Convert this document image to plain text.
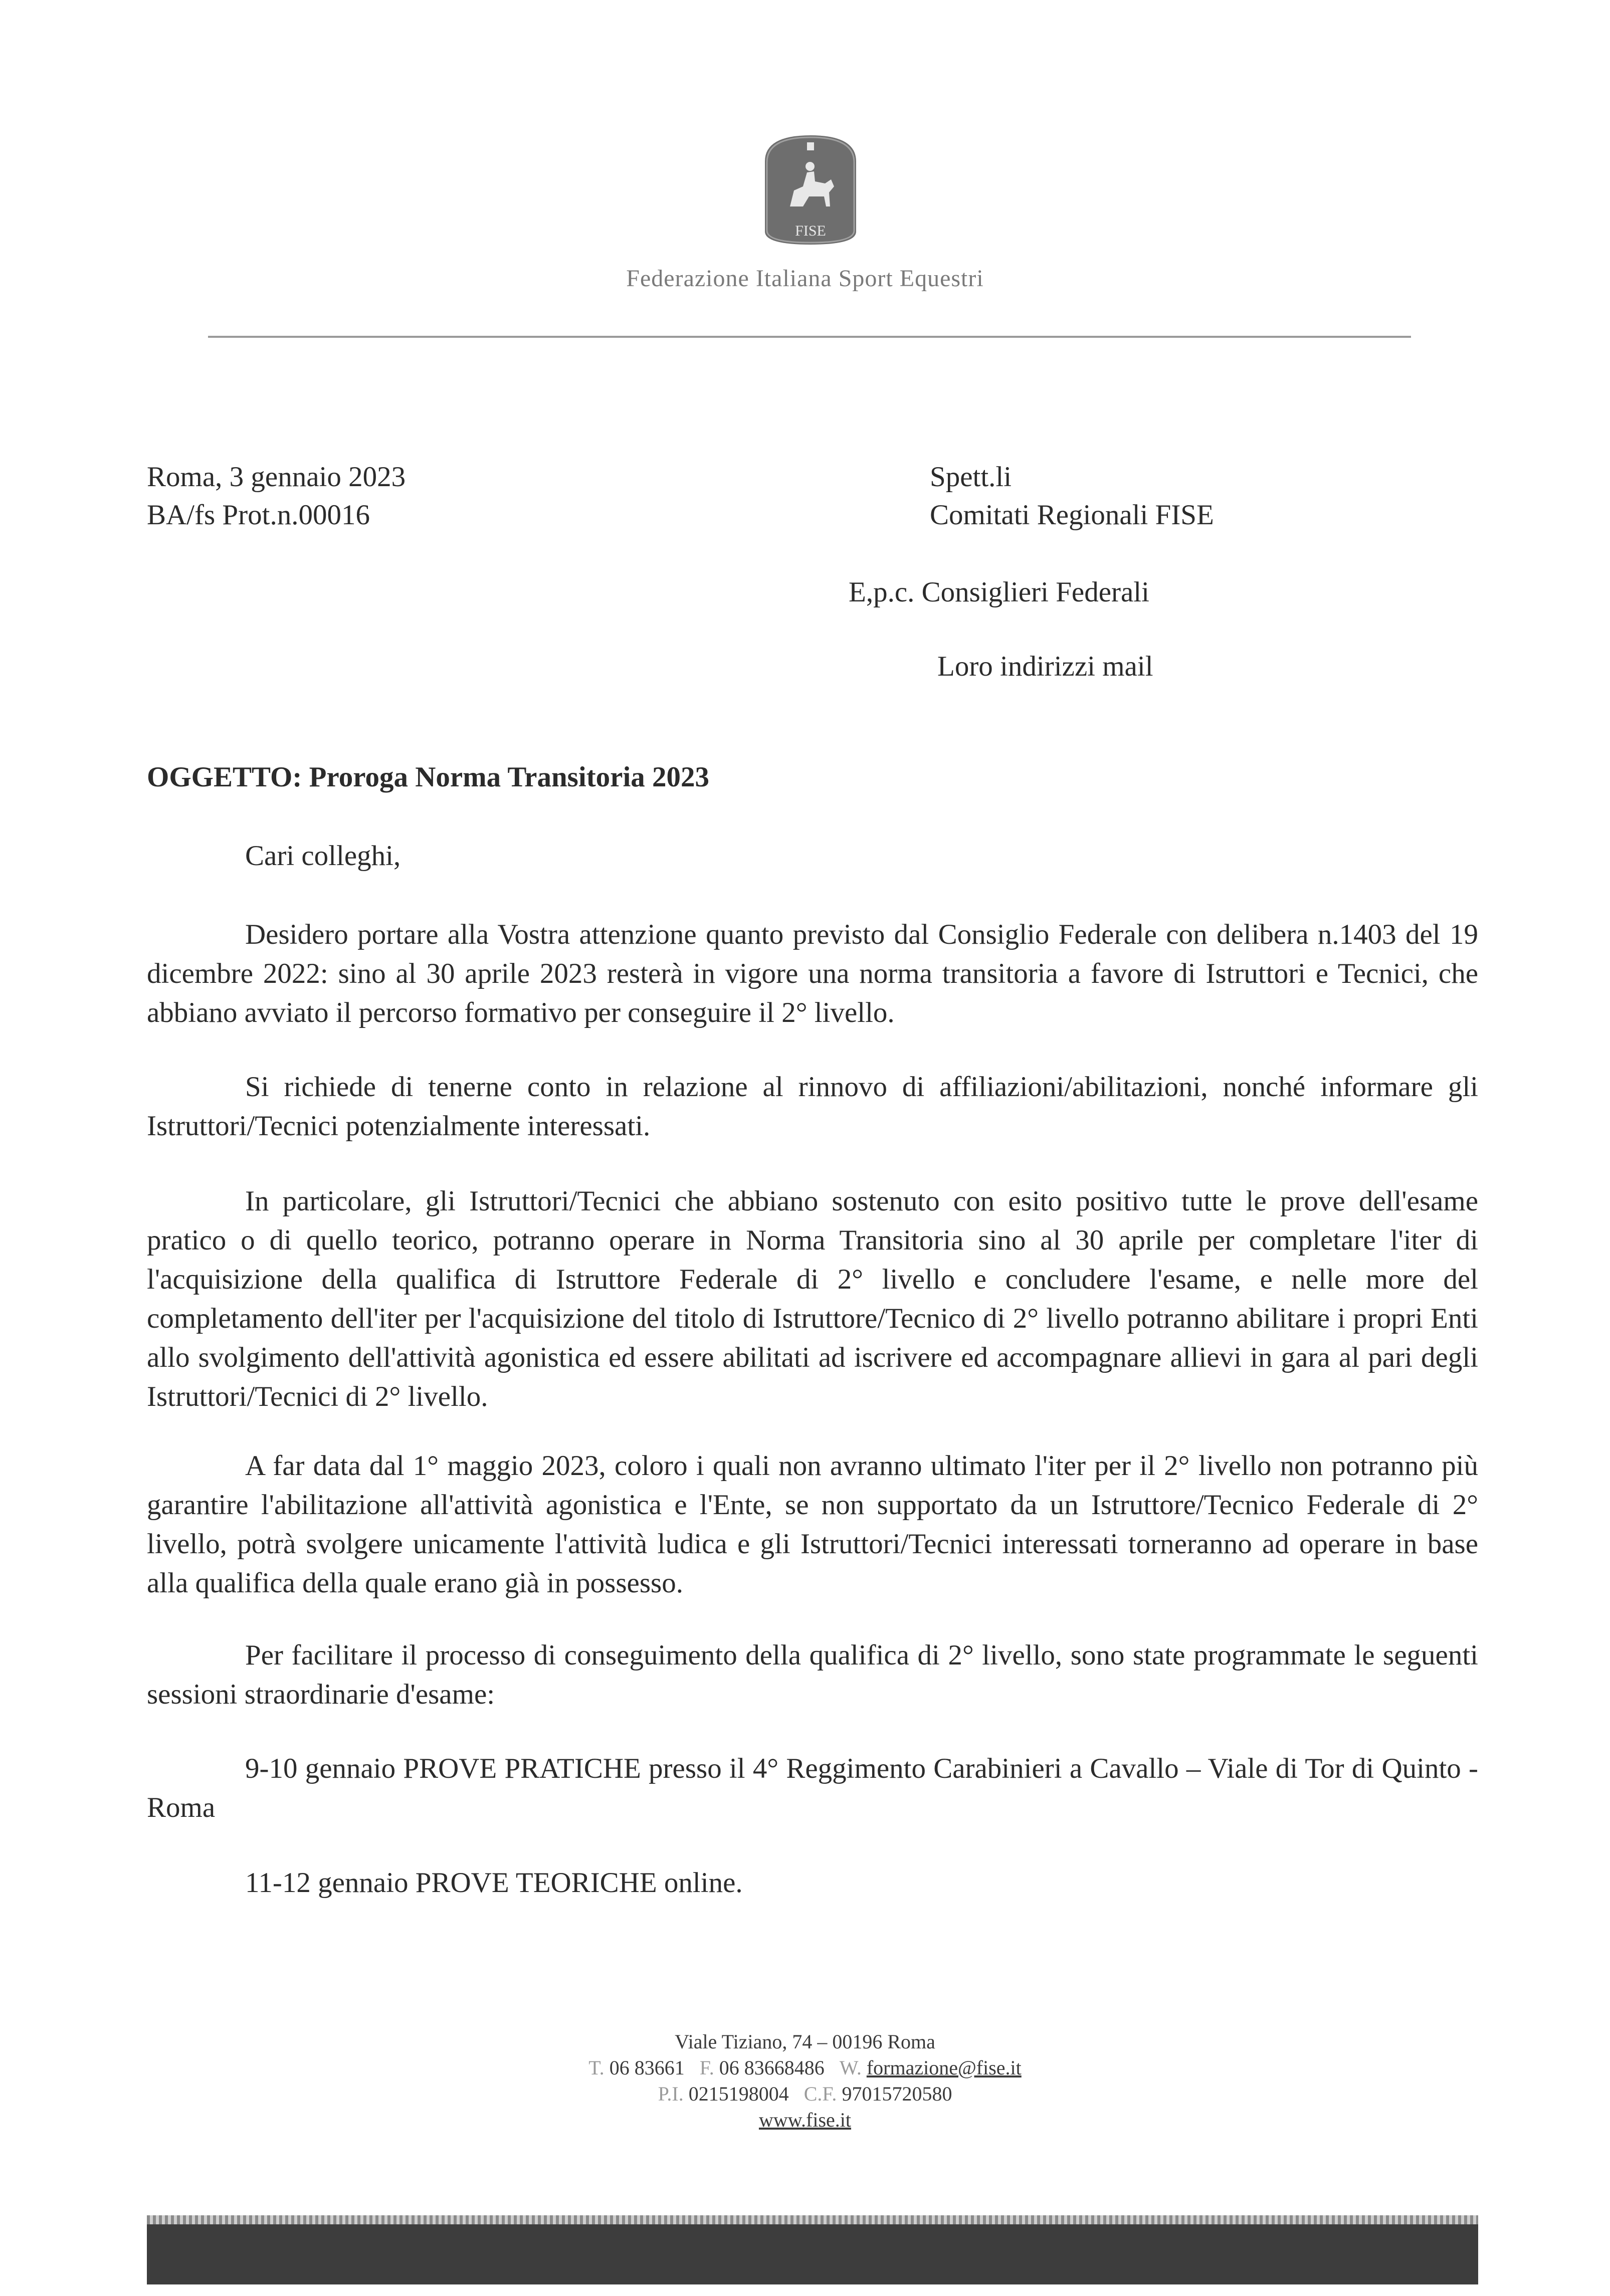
FISE
Federazione Italiana Sport Equestri
Roma, 3 gennaio 2023
BA/fs Prot.n.00016
Spett.li
Comitati Regionali FISE
E,p.c. Consiglieri Federali
Loro indirizzi mail
OGGETTO: Proroga Norma Transitoria 2023
Cari colleghi,
Desidero portare alla Vostra attenzione quanto previsto dal Consiglio Federale con delibera n.1403 del 19 dicembre 2022: sino al 30 aprile 2023 resterà in vigore una norma transitoria a favore di Istruttori e Tecnici, che abbiano avviato il percorso formativo per conseguire il 2° livello.
Si richiede di tenerne conto in relazione al rinnovo di affiliazioni/abilitazioni, nonché informare gli Istruttori/Tecnici potenzialmente interessati.
In particolare, gli Istruttori/Tecnici che abbiano sostenuto con esito positivo tutte le prove dell'esame pratico o di quello teorico, potranno operare in Norma Transitoria sino al 30 aprile per completare l'iter di l'acquisizione della qualifica di Istruttore Federale di 2° livello e concludere l'esame, e nelle more del completamento dell'iter per l'acquisizione del titolo di Istruttore/Tecnico di 2° livello potranno abilitare i propri Enti allo svolgimento dell'attività agonistica ed essere abilitati ad iscrivere ed accompagnare allievi in gara al pari degli Istruttori/Tecnici di 2° livello.
A far data dal 1° maggio 2023, coloro i quali non avranno ultimato l'iter per il 2° livello non potranno più garantire l'abilitazione all'attività agonistica e l'Ente, se non supportato da un Istruttore/Tecnico Federale di 2° livello, potrà svolgere unicamente l'attività ludica e gli Istruttori/Tecnici interessati torneranno ad operare in base alla qualifica della quale erano già in possesso.
Per facilitare il processo di conseguimento della qualifica di 2° livello, sono state programmate le seguenti sessioni straordinarie d'esame:
9-10 gennaio PROVE PRATICHE presso il 4° Reggimento Carabinieri a Cavallo – Viale di Tor di Quinto - Roma
11-12 gennaio PROVE TEORICHE online.
Viale Tiziano, 74 – 00196 Roma
T. 06 83661 F. 06 83668486 W. formazione@fise.it
P.I. 0215198004 C.F. 97015720580
www.fise.it
